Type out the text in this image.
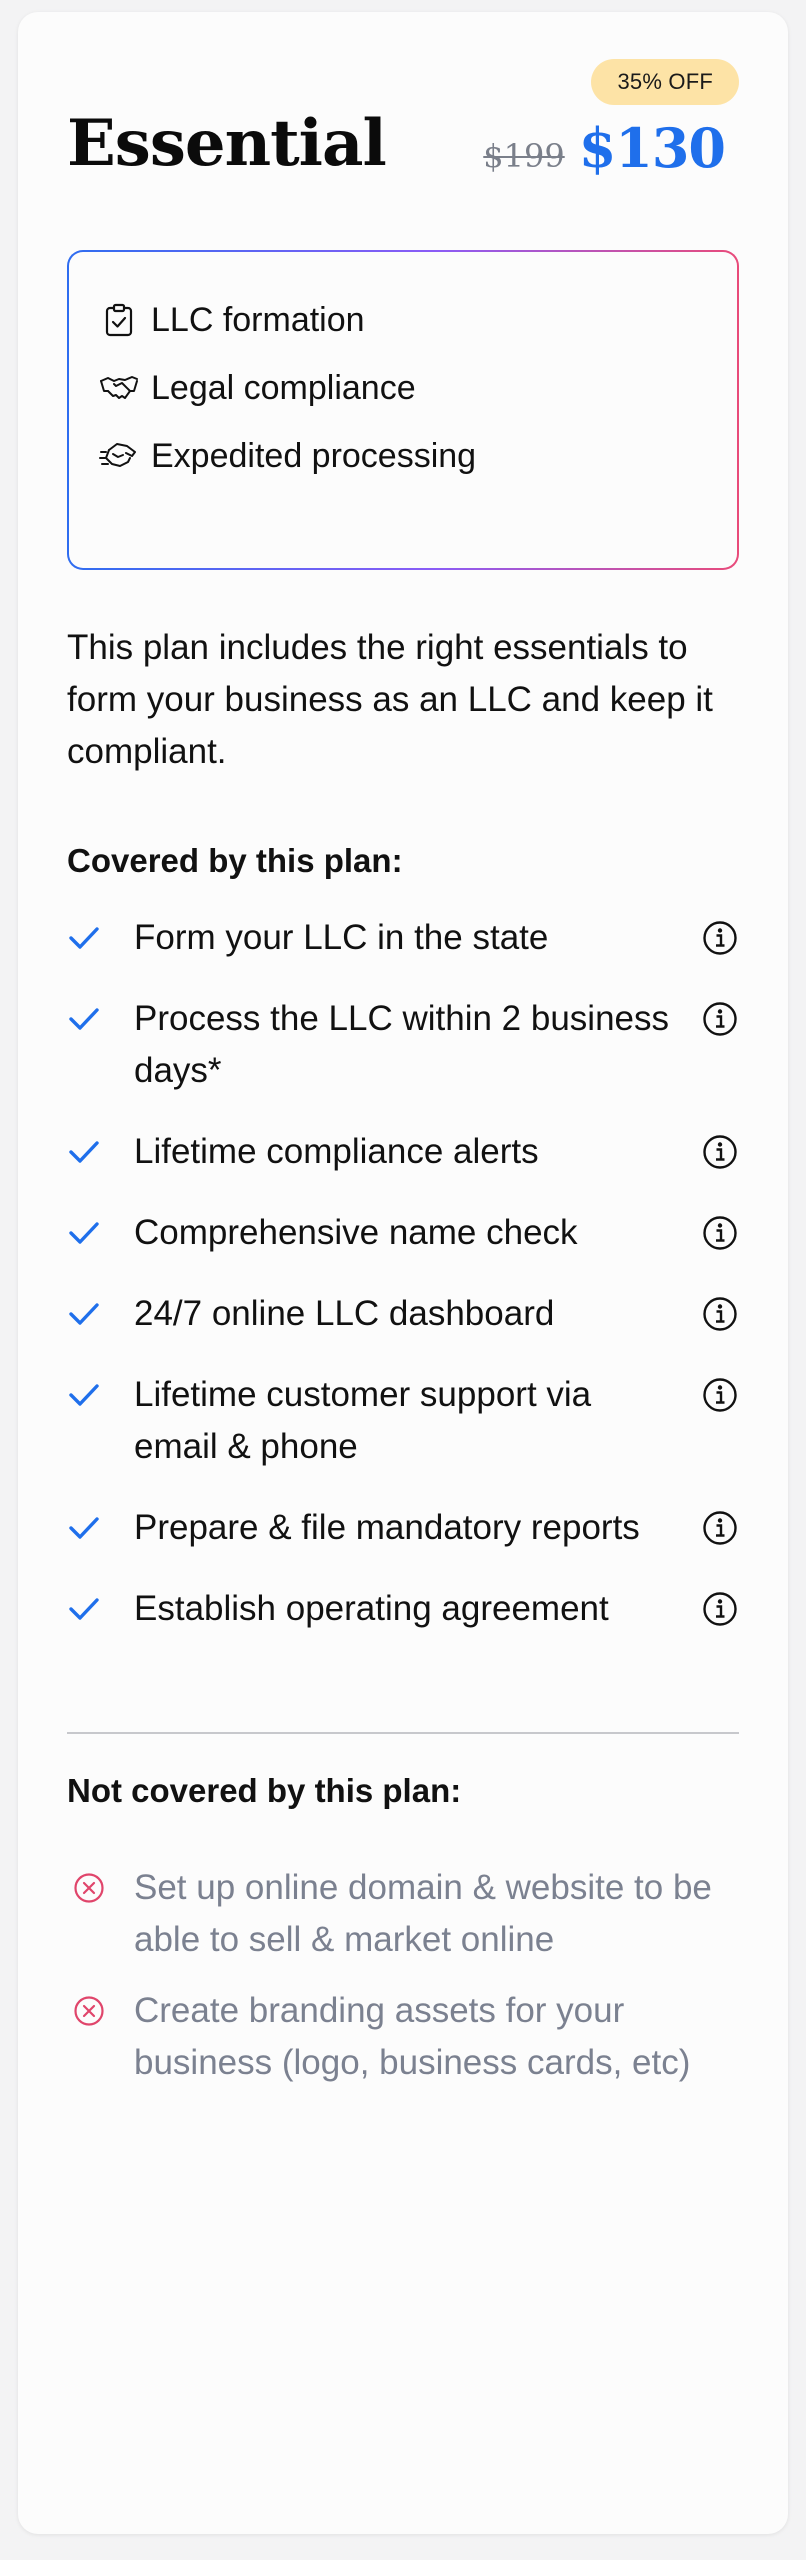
35% OFF
Essential	$199 $130
LLC formation
Legal compliance
Expedited processing

This plan includes the right essentials to form your business as an LLC and keep it compliant.

Covered by this plan:
Form your LLC in the state
Process the LLC within 2 business days*
Lifetime compliance alerts
Comprehensive name check
24/7 online LLC dashboard
Lifetime customer support via email & phone
Prepare & file mandatory reports
Establish operating agreement
Not covered by this plan:
Set up online domain & website to be able to sell & market online
Create branding assets for your business (logo, business cards, etc)
